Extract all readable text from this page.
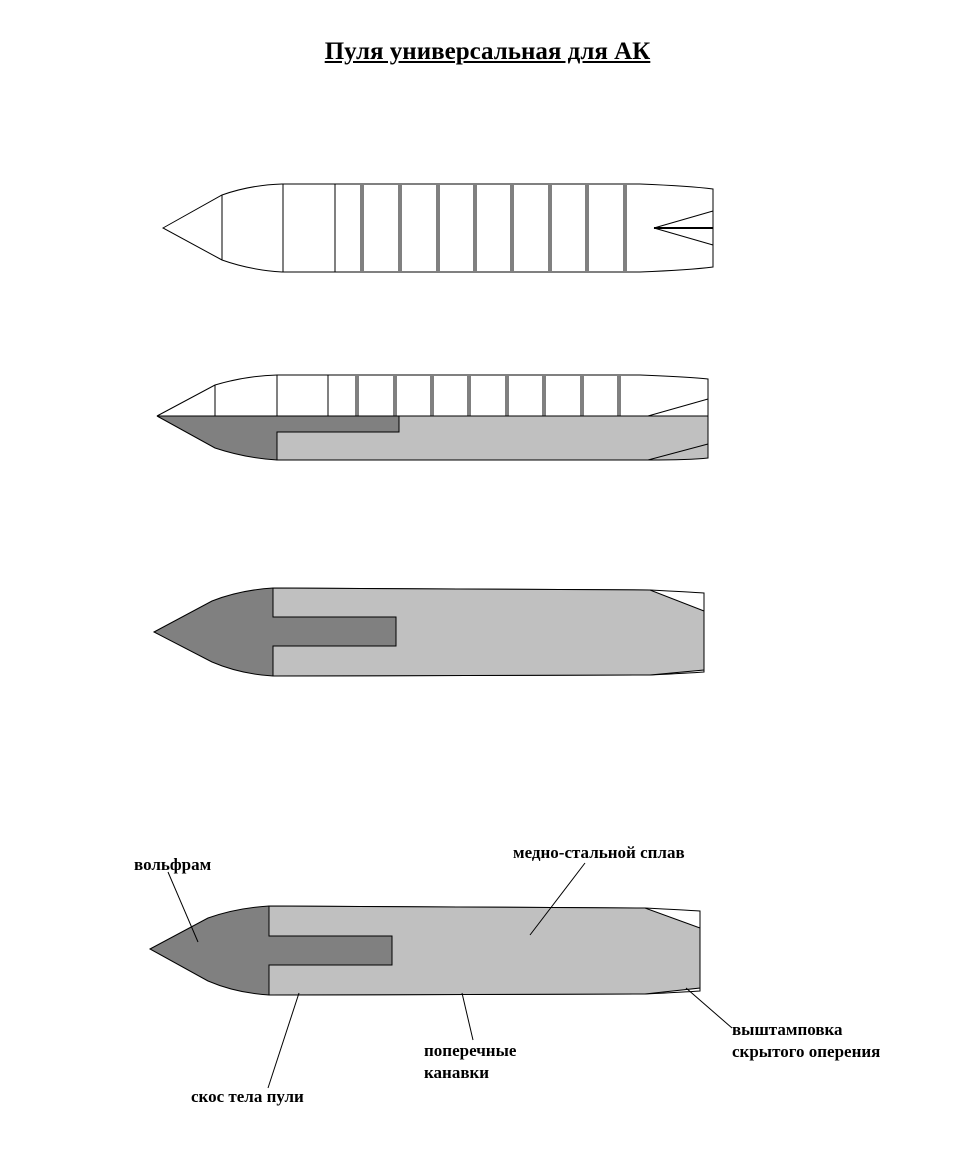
Пуля универсальная для АК
вольфрам
медно-стальной сплав
скос тела пули
поперечные
канавки
выштамповка
скрытого оперения
